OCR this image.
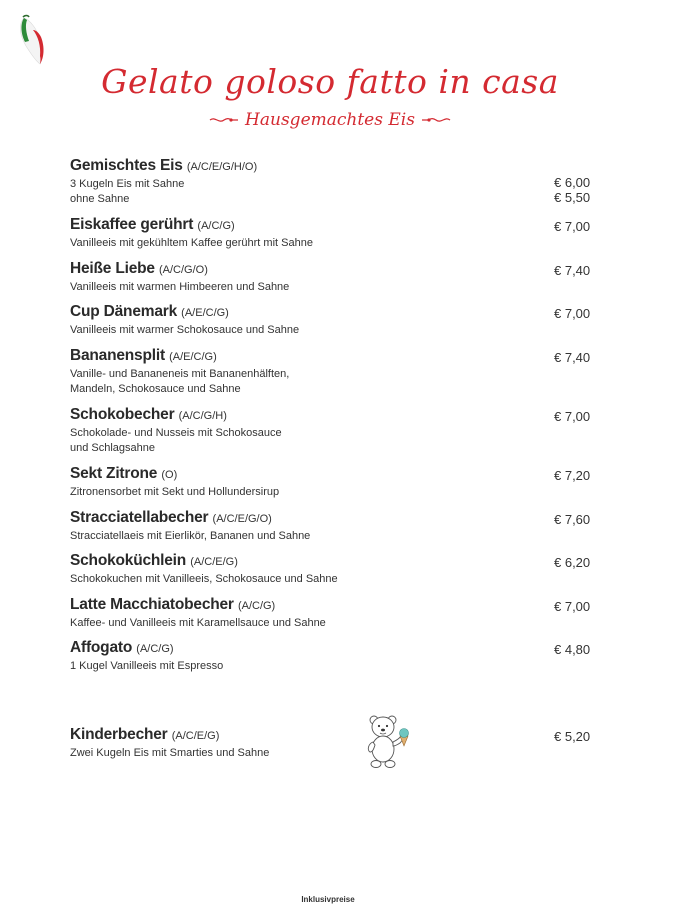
Gelato goloso fatto in casa
Hausgemachtes Eis
Gemischtes Eis (A/C/E/G/H/O)
3 Kugeln Eis mit Sahne
ohne Sahne
€ 6,00
€ 5,50
Eiskaffee gerührt (A/C/G)
Vanilleeis mit gekühltem Kaffee gerührt mit Sahne
€ 7,00
Heiße Liebe (A/C/G/O)
Vanilleeis mit warmen Himbeeren und Sahne
€ 7,40
Cup Dänemark (A/E/C/G)
Vanilleeis mit warmer Schokosauce und Sahne
€ 7,00
Bananensplit (A/E/C/G)
Vanille- und Bananeneis mit Bananenhälften,
Mandeln, Schokosauce und Sahne
€ 7,40
Schokobecher (A/C/G/H)
Schokolade- und Nusseis mit Schokosauce
und Schlagsahne
€ 7,00
Sekt Zitrone (O)
Zitronensorbet mit Sekt und Hollundersirup
€ 7,20
Stracciatellabecher (A/C/E/G/O)
Stracciatellaeis mit Eierlikör, Bananen und Sahne
€ 7,60
Schokoküchlein (A/C/E/G)
Schokokuchen mit Vanilleeis, Schokosauce und Sahne
€ 6,20
Latte Macchiatobecher (A/C/G)
Kaffee- und Vanilleeis mit Karamellsauce und Sahne
€ 7,00
Affogato (A/C/G)
1 Kugel Vanilleeis mit Espresso
€ 4,80
Kinderbecher (A/C/E/G)
Zwei Kugeln Eis mit Smarties und Sahne
€ 5,20
Inklusivpreise
